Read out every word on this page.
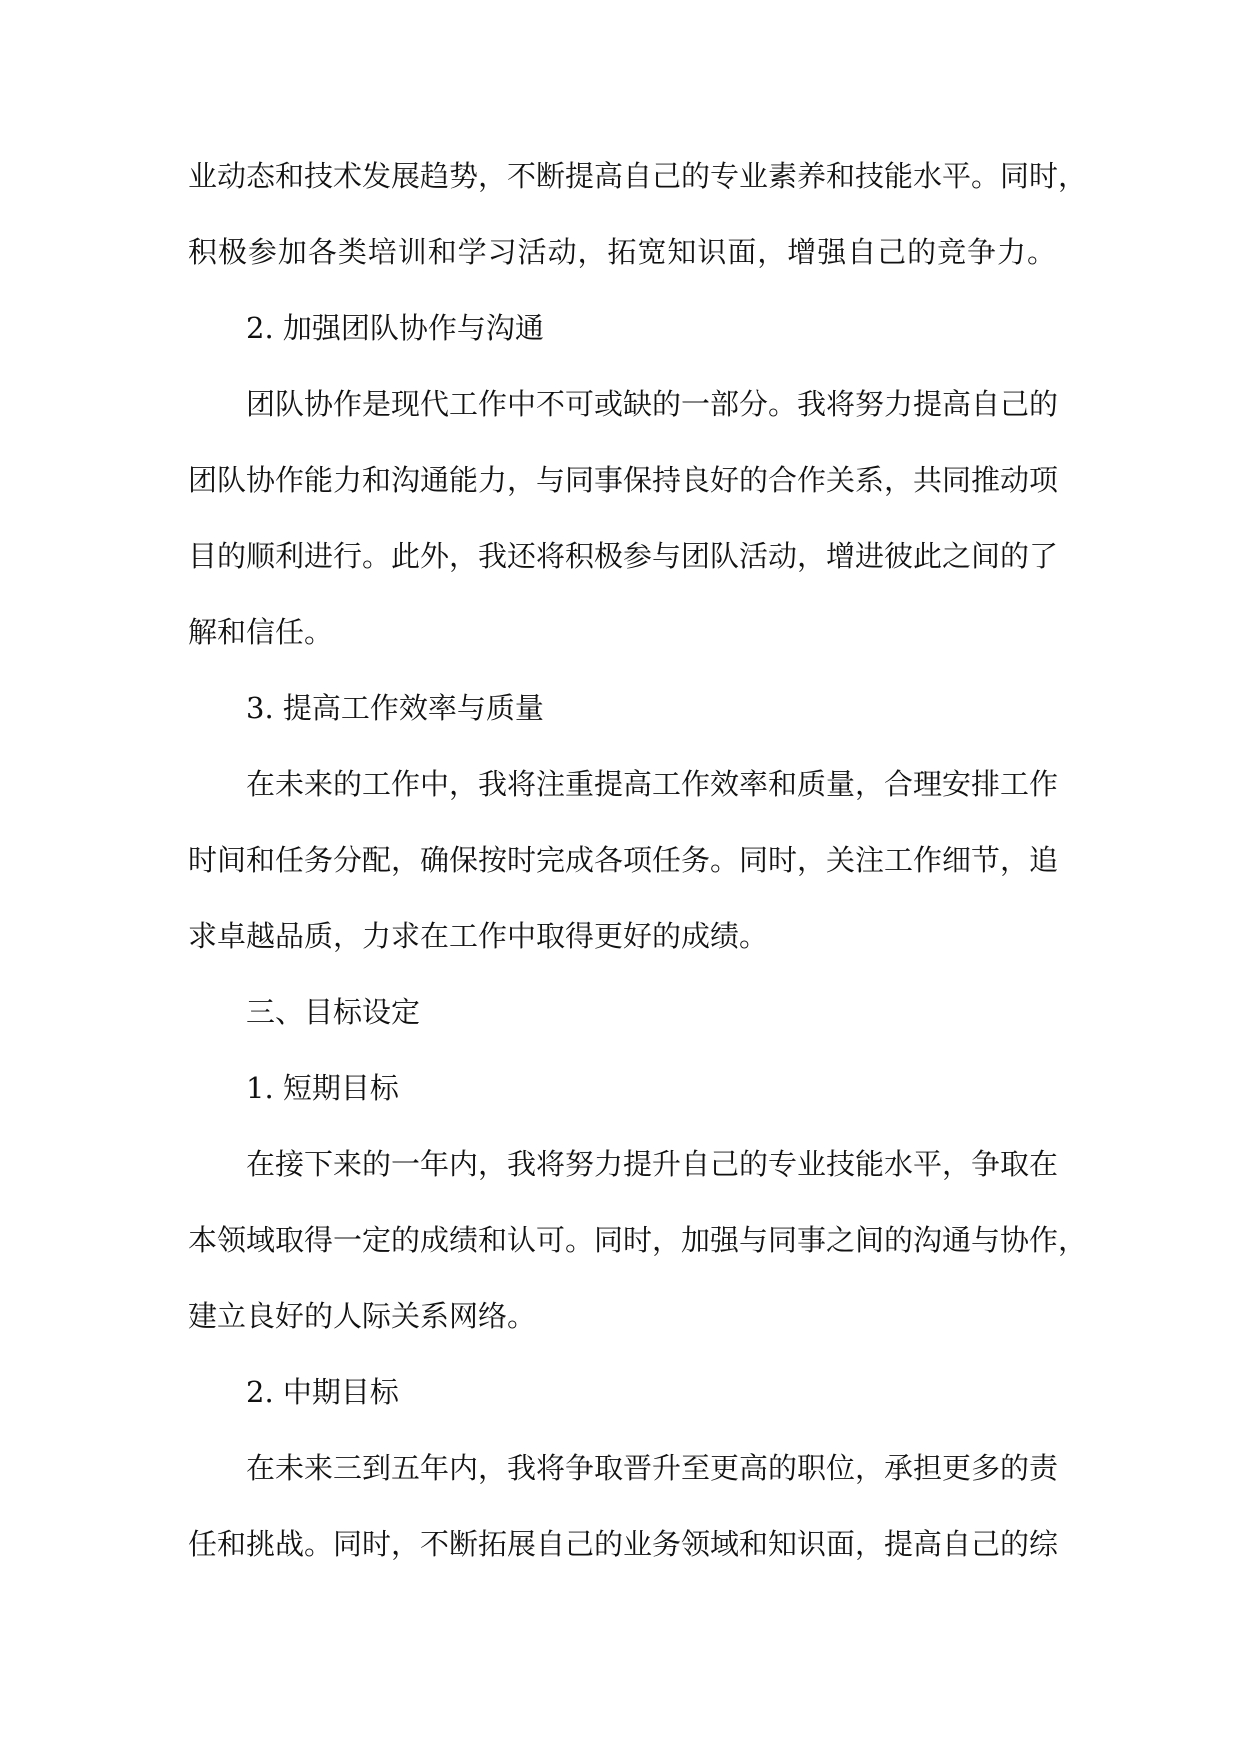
业动态和技术发展趋势，不断提高自己的专业素养和技能水平。同时，
积极参加各类培训和学习活动，拓宽知识面，增强自己的竞争力。
2. 加强团队协作与沟通
团队协作是现代工作中不可或缺的一部分。我将努力提高自己的
团队协作能力和沟通能力，与同事保持良好的合作关系，共同推动项
目的顺利进行。此外，我还将积极参与团队活动，增进彼此之间的了
解和信任。
3. 提高工作效率与质量
在未来的工作中，我将注重提高工作效率和质量，合理安排工作
时间和任务分配，确保按时完成各项任务。同时，关注工作细节，追
求卓越品质，力求在工作中取得更好的成绩。
三、目标设定
1. 短期目标
在接下来的一年内，我将努力提升自己的专业技能水平，争取在
本领域取得一定的成绩和认可。同时，加强与同事之间的沟通与协作，
建立良好的人际关系网络。
2. 中期目标
在未来三到五年内，我将争取晋升至更高的职位，承担更多的责
任和挑战。同时，不断拓展自己的业务领域和知识面，提高自己的综
